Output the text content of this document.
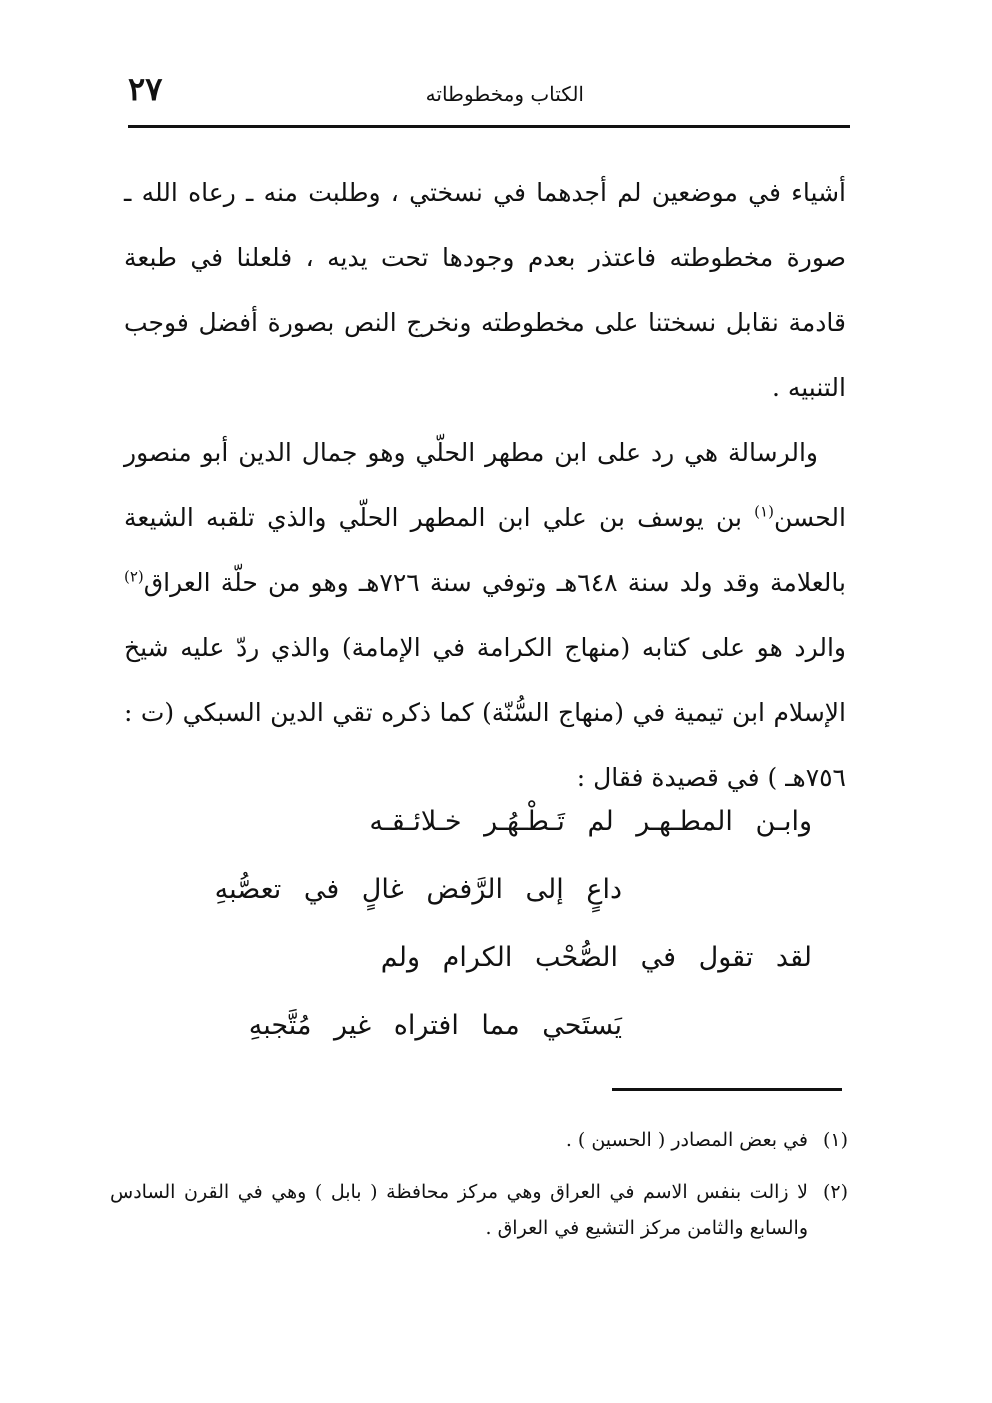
٢٧	الكتاب ومخطوطاته

أشياء في موضعين لم أجدهما في نسختي ، وطلبت منه ـ رعاه الله ـ صورة مخطوطته فاعتذر بعدم وجودها تحت يديه ، فلعلنا في طبعة قادمة نقابل نسختنا على مخطوطته ونخرج النص بصورة أفضل فوجب التنبيه .

والرسالة هي رد على ابن مطهر الحلّي وهو جمال الدين أبو منصور الحسن$^{(١)}$ بن يوسف بن علي ابن المطهر الحلّي والذي تلقبه الشيعة بالعلامة وقد ولد سنة ٦٤٨هـ وتوفي سنة ٧٢٦هـ وهو من حلّة العراق$^{(٢)}$ والرد هو على كتابه (منهاج الكرامة في الإمامة) والذي ردّ عليه شيخ الإسلام ابن تيمية في (منهاج السُّنّة) كما ذكره تقي الدين السبكي (ت : ٧٥٦هـ ) في قصيدة فقال :

وابـن المطـهـر لم تَـطْـهُـر خـلائـقـه
داعٍ إلى الرَّفض غالٍ في تعصُّبهِ
لقد تقول في الصُّحْب الكرام ولم
يَستَحي مما افتراه غير مُتَّجبهِ

(١)في بعض المصادر ( الحسين ) .

(٢)لا زالت بنفس الاسم في العراق وهي مركز محافظة ( بابل ) وهي في القرن السادس والسابع والثامن مركز التشيع في العراق .
